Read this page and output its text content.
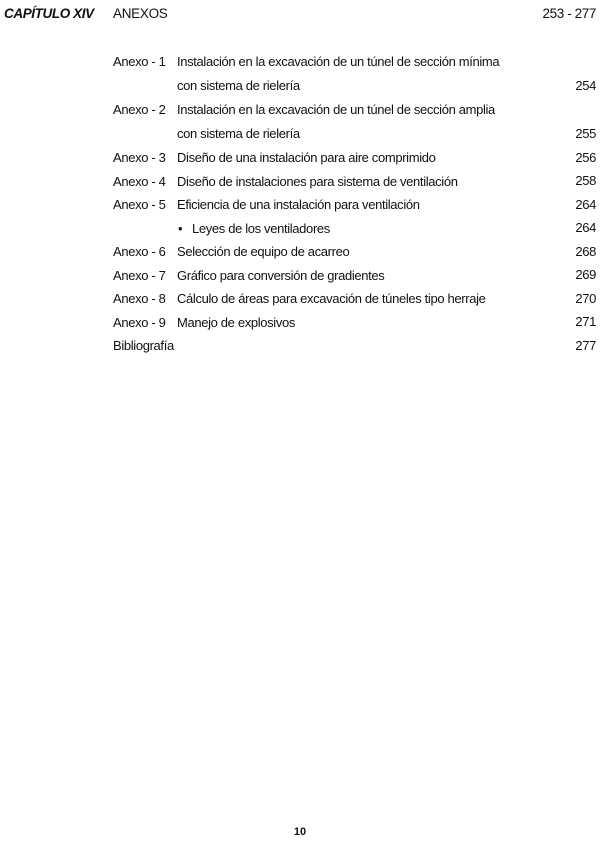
CAPÍTULO XIV ANEXOS	253 - 277
Anexo - 1 Instalación en la excavación de un túnel de sección mínima con sistema de rielería	254
Anexo - 2 Instalación en la excavación de un túnel de sección amplia con sistema de rielería	255
Anexo - 3 Diseño de una instalación para aire comprimido	256
Anexo - 4 Diseño de instalaciones para sistema de ventilación	258
Anexo - 5 Eficiencia de una instalación para ventilación	264
• Leyes de los ventiladores	264
Anexo - 6 Selección de equipo de acarreo	268
Anexo - 7 Gráfico para conversión de gradientes	269
Anexo - 8 Cálculo de áreas para excavación de túneles tipo herraje	270
Anexo - 9 Manejo de explosivos	271
Bibliografía	277
10
